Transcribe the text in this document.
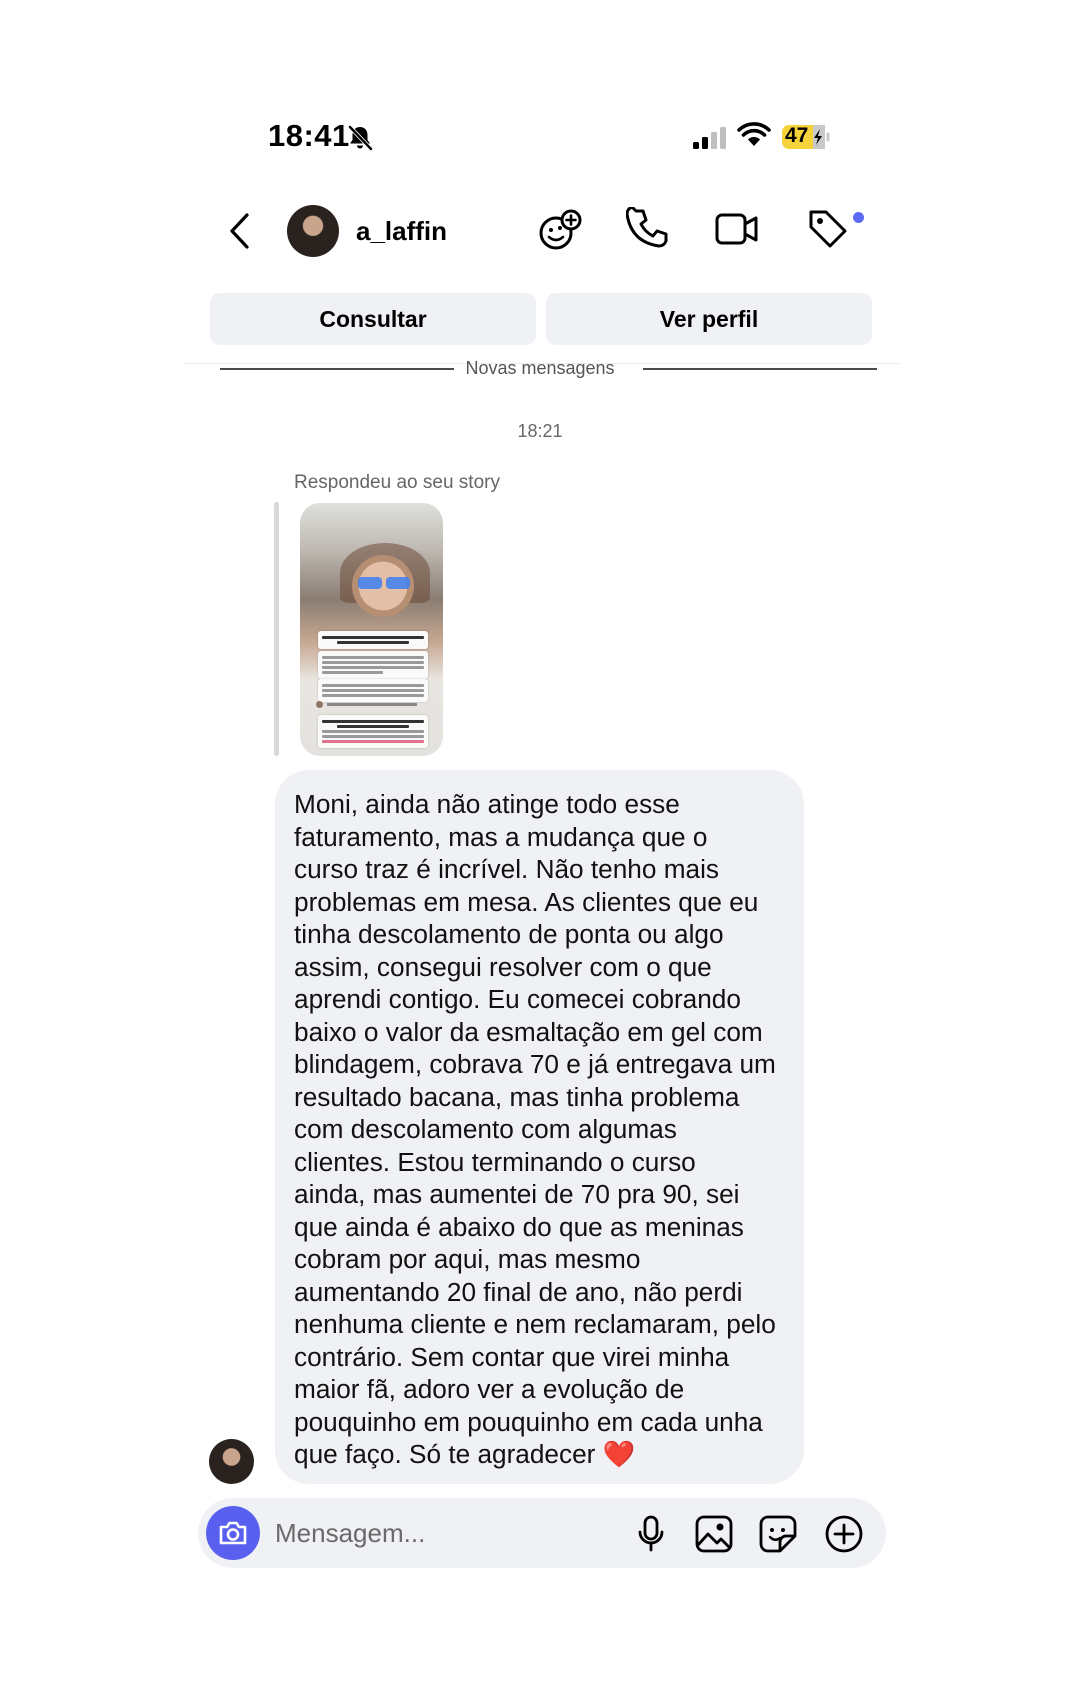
18:41	47
a_laffin
Consultar	Ver perfil
Novas mensagens
18:21
Respondeu ao seu story
Moni, ainda não atinge todo esse
faturamento, mas a mudança que o
curso traz é incrível. Não tenho mais
problemas em mesa. As clientes que eu
tinha descolamento de ponta ou algo
assim, consegui resolver com o que
aprendi contigo. Eu comecei cobrando
baixo o valor da esmaltação em gel com
blindagem, cobrava 70 e já entregava um
resultado bacana, mas tinha problema
com descolamento com algumas
clientes. Estou terminando o curso
ainda, mas aumentei de 70 pra 90, sei
que ainda é abaixo do que as meninas
cobram por aqui, mas mesmo
aumentando 20 final de ano, não perdi
nenhuma cliente e nem reclamaram, pelo
contrário. Sem contar que virei minha
maior fã, adoro ver a evolução de
pouquinho em pouquinho em cada unha
que faço. Só te agradecer ❤️
Mensagem...
